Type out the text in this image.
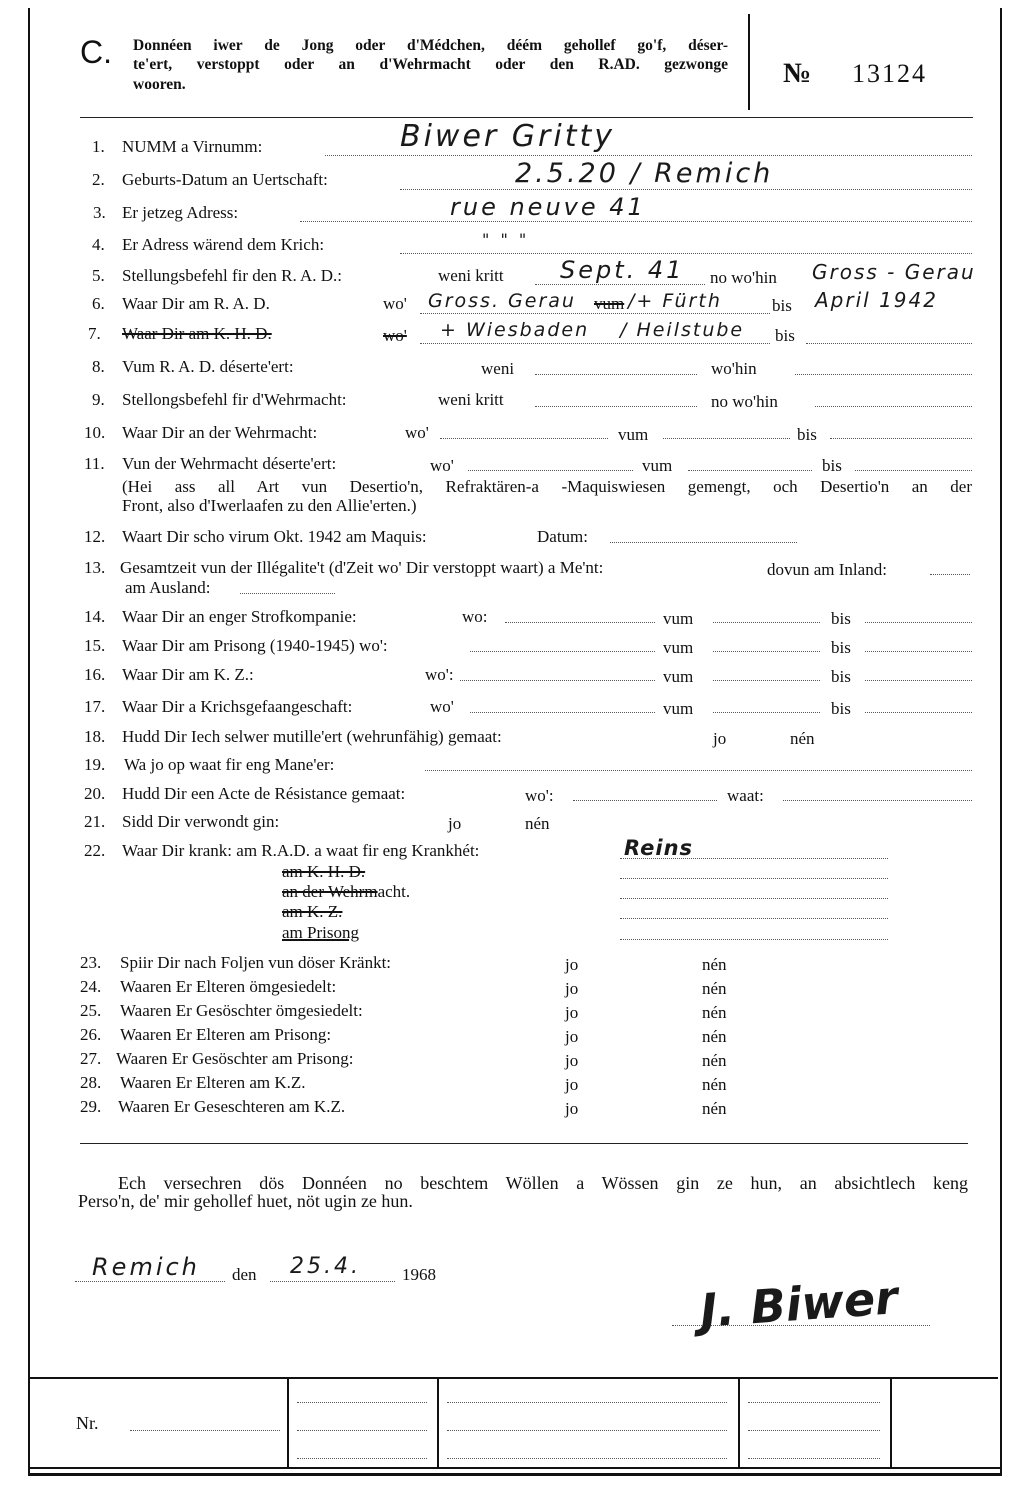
C. Donnéen iwer de Jong oder d'Médchen, déém gehollef go'f, déser-
te'ert, verstoppt oder an d'Wehrmacht oder den R.AD. gezwonge
wooren.	№ 13124
1. NUMM a Virnumm:	Biwer Gritty
2. Geburts-Datum an Uertschaft:	2.5.20 / Remich
3. Er jetzeg Adress:	rue neuve 41
4. Er Adress wärend dem Krich:	" " "
5. Stellungsbefehl fir den R. A. D.:	weni kritt Sept. 41 no wo'hin Gross - Gerau
6. Waar Dir am R. A. D.	wo' Gross. Gerau vum /+ Fürth	bis April 1942
7. Waar Dir am K. H. D.	wo' + Wiesbaden / Heilstube bis
8. Vum R. A. D. déserte'ert:	weni	wo'hin
9. Stellongsbefehl fir d'Wehrmacht:	weni kritt	no wo'hin
10. Waar Dir an der Wehrmacht:	wo'	vum	bis
11. Vun der Wehrmacht déserte'ert:	wo'	vum	bis
(Hei ass all Art vun Desertio'n, Refraktären-a -Maquiswiesen gemengt, och Desertio'n an der
Front, also d'Iwerlaafen zu den Allie'erten.)
12. Waart Dir scho virum Okt. 1942 am Maquis:	Datum:
13. Gesamtzeit vun der Illégalite't (d'Zeit wo' Dir verstoppt waart) a Me'nt:	dovun am Inland:
am Ausland:
14. Waar Dir an enger Strofkompanie:	wo:	vum	bis
15. Waar Dir am Prisong (1940-1945) wo':	vum	bis
16. Waar Dir am K. Z.:	wo':	vum	bis
17. Waar Dir a Krichsgefaangeschaft:	wo'	vum	bis
18. Hudd Dir Iech selwer mutille'ert (wehrunfähig) gemaat:	jo	nén
19. Wa jo op waat fir eng Mane'er:
20. Hudd Dir een Acte de Résistance gemaat:	wo':	waat:
21. Sidd Dir verwondt gin:	jo	nén
22. Waar Dir krank: am R.A.D. a waat fir eng Krankhét:	Reins
am K. H. D.
an der Wehrmacht.
am K. Z.
am Prisong
23. Spiir Dir nach Foljen vun döser Kränkt:	jo	nén
24. Waaren Er Elteren ömgesiedelt:	jo	nén
25. Waaren Er Gesöschter ömgesiedelt:	jo	nén
26. Waaren Er Elteren am Prisong:	jo	nén
27. Waaren Er Gesöschter am Prisong:	jo	nén
28. Waaren Er Elteren am K.Z.	jo	nén
29. Waaren Er Geseschteren am K.Z.	jo	nén
Ech versechren dös Donnéen no beschtem Wöllen a Wössen gin ze hun, an absichtlech keng
Perso'n, de' mir gehollef huet, nöt ugin ze hun.
Remich den 25.4. 1968	J. Biwer
Nr.
